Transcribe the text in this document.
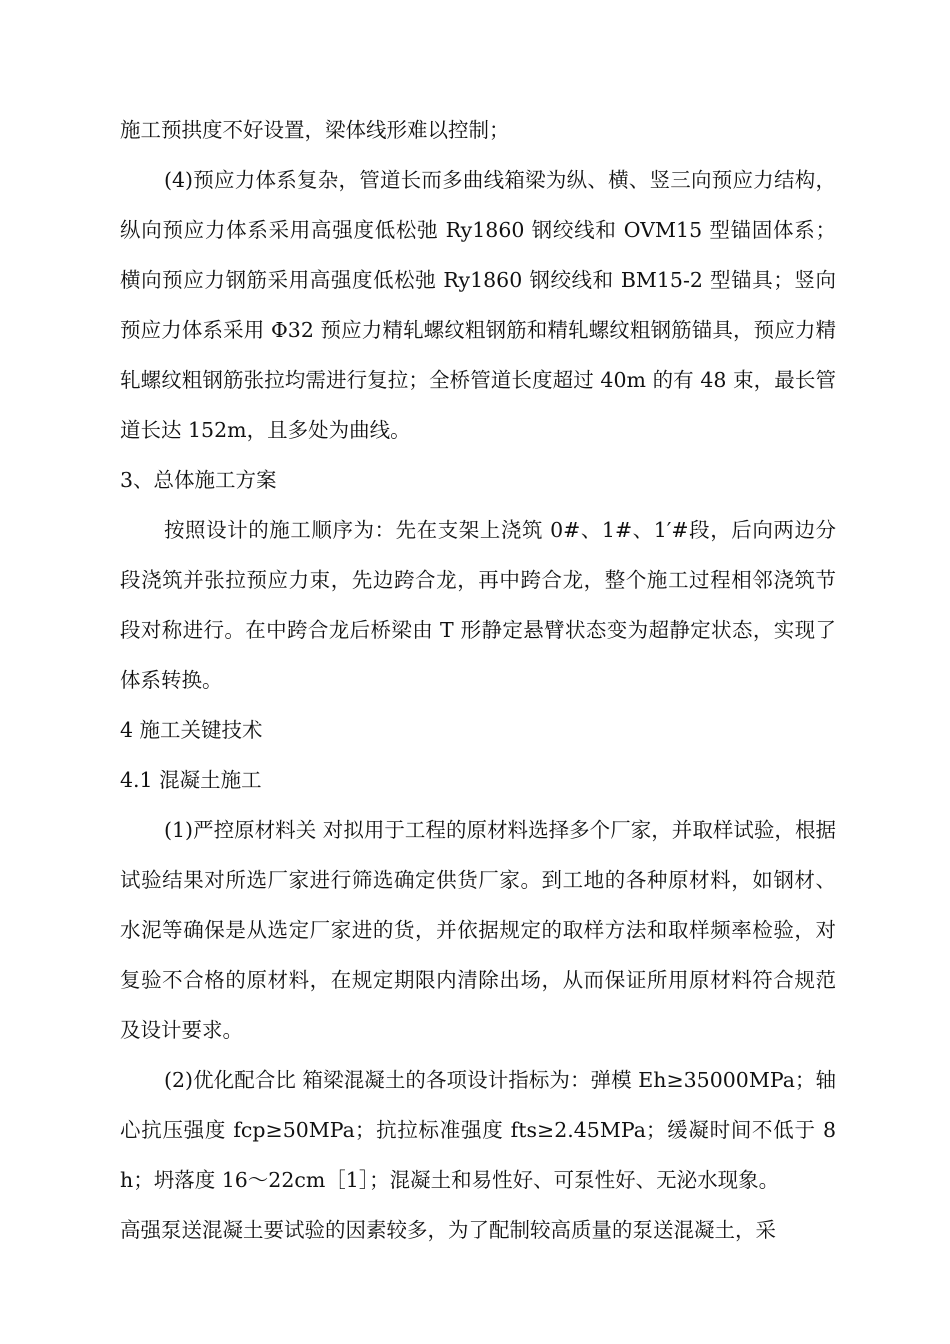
施工预拱度不好设置，梁体线形难以控制；

(4)预应力体系复杂，管道长而多曲线箱梁为纵、横、竖三向预应力结构，纵向预应力体系采用高强度低松弛 Ry1860 钢绞线和 OVM15 型锚固体系；横向预应力钢筋采用高强度低松弛 Ry1860 钢绞线和 BM15-2 型锚具；竖向预应力体系采用 Φ32 预应力精轧螺纹粗钢筋和精轧螺纹粗钢筋锚具，预应力精轧螺纹粗钢筋张拉均需进行复拉；全桥管道长度超过 40m 的有 48 束，最长管道长达 152m，且多处为曲线。

3、总体施工方案

按照设计的施工顺序为：先在支架上浇筑 0#、1#、1′#段，后向两边分段浇筑并张拉预应力束，先边跨合龙，再中跨合龙，整个施工过程相邻浇筑节段对称进行。在中跨合龙后桥梁由 T 形静定悬臂状态变为超静定状态，实现了体系转换。

4 施工关键技术

4.1 混凝土施工

(1)严控原材料关 对拟用于工程的原材料选择多个厂家，并取样试验，根据试验结果对所选厂家进行筛选确定供货厂家。到工地的各种原材料，如钢材、水泥等确保是从选定厂家进的货，并依据规定的取样方法和取样频率检验，对复验不合格的原材料，在规定期限内清除出场，从而保证所用原材料符合规范及设计要求。

(2)优化配合比 箱梁混凝土的各项设计指标为：弹模 Eh≥35000MPa；轴心抗压强度 fcp≥50MPa；抗拉标准强度 fts≥2.45MPa；缓凝时间不低于 8h；坍落度 16～22cm［1］；混凝土和易性好、可泵性好、无泌水现象。

高强泵送混凝土要试验的因素较多，为了配制较高质量的泵送混凝土，采
